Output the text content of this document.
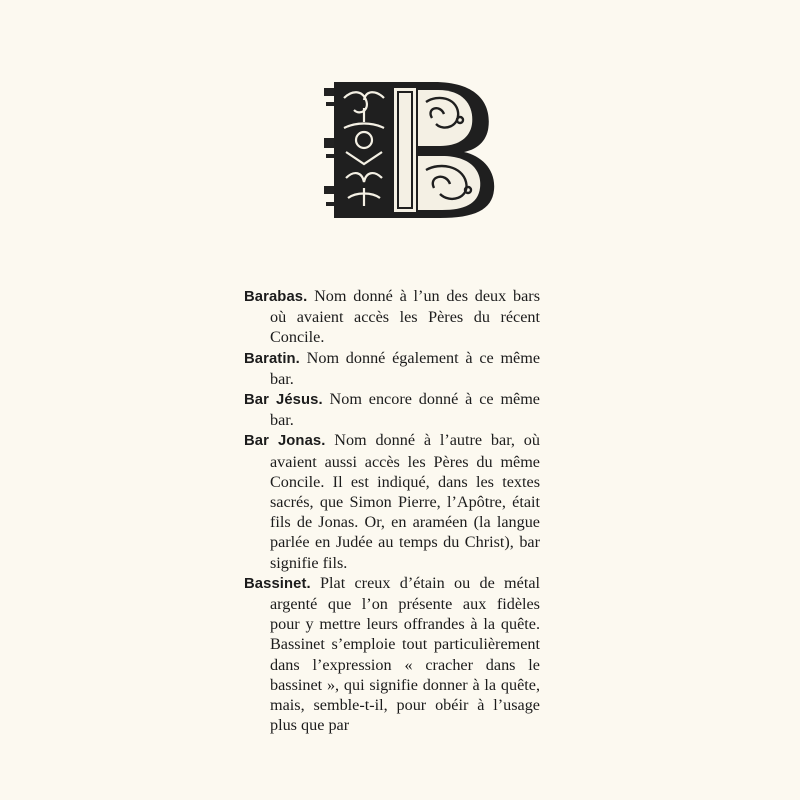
Barabas. Nom donné à l’un des deux bars où avaient accès les Pères du récent Concile.

Baratin. Nom donné également à ce même bar.

Bar Jésus. Nom encore donné à ce même bar.

Bar Jonas. Nom donné à l’autre bar, où avaient aussi accès les Pères du même Concile. Il est indiqué, dans les textes sacrés, que Simon Pierre, l’Apôtre, était fils de Jonas. Or, en araméen (la langue parlée en Judée au temps du Christ), bar signifie fils.

Bassinet. Plat creux d’étain ou de métal argenté que l’on présente aux fidèles pour y mettre leurs offrandes à la quête. Bassinet s’emploie tout particulièrement dans l’expression « cracher dans le bassinet », qui signifie donner à la quête, mais, semble-t-il, pour obéir à l’usage plus que par
